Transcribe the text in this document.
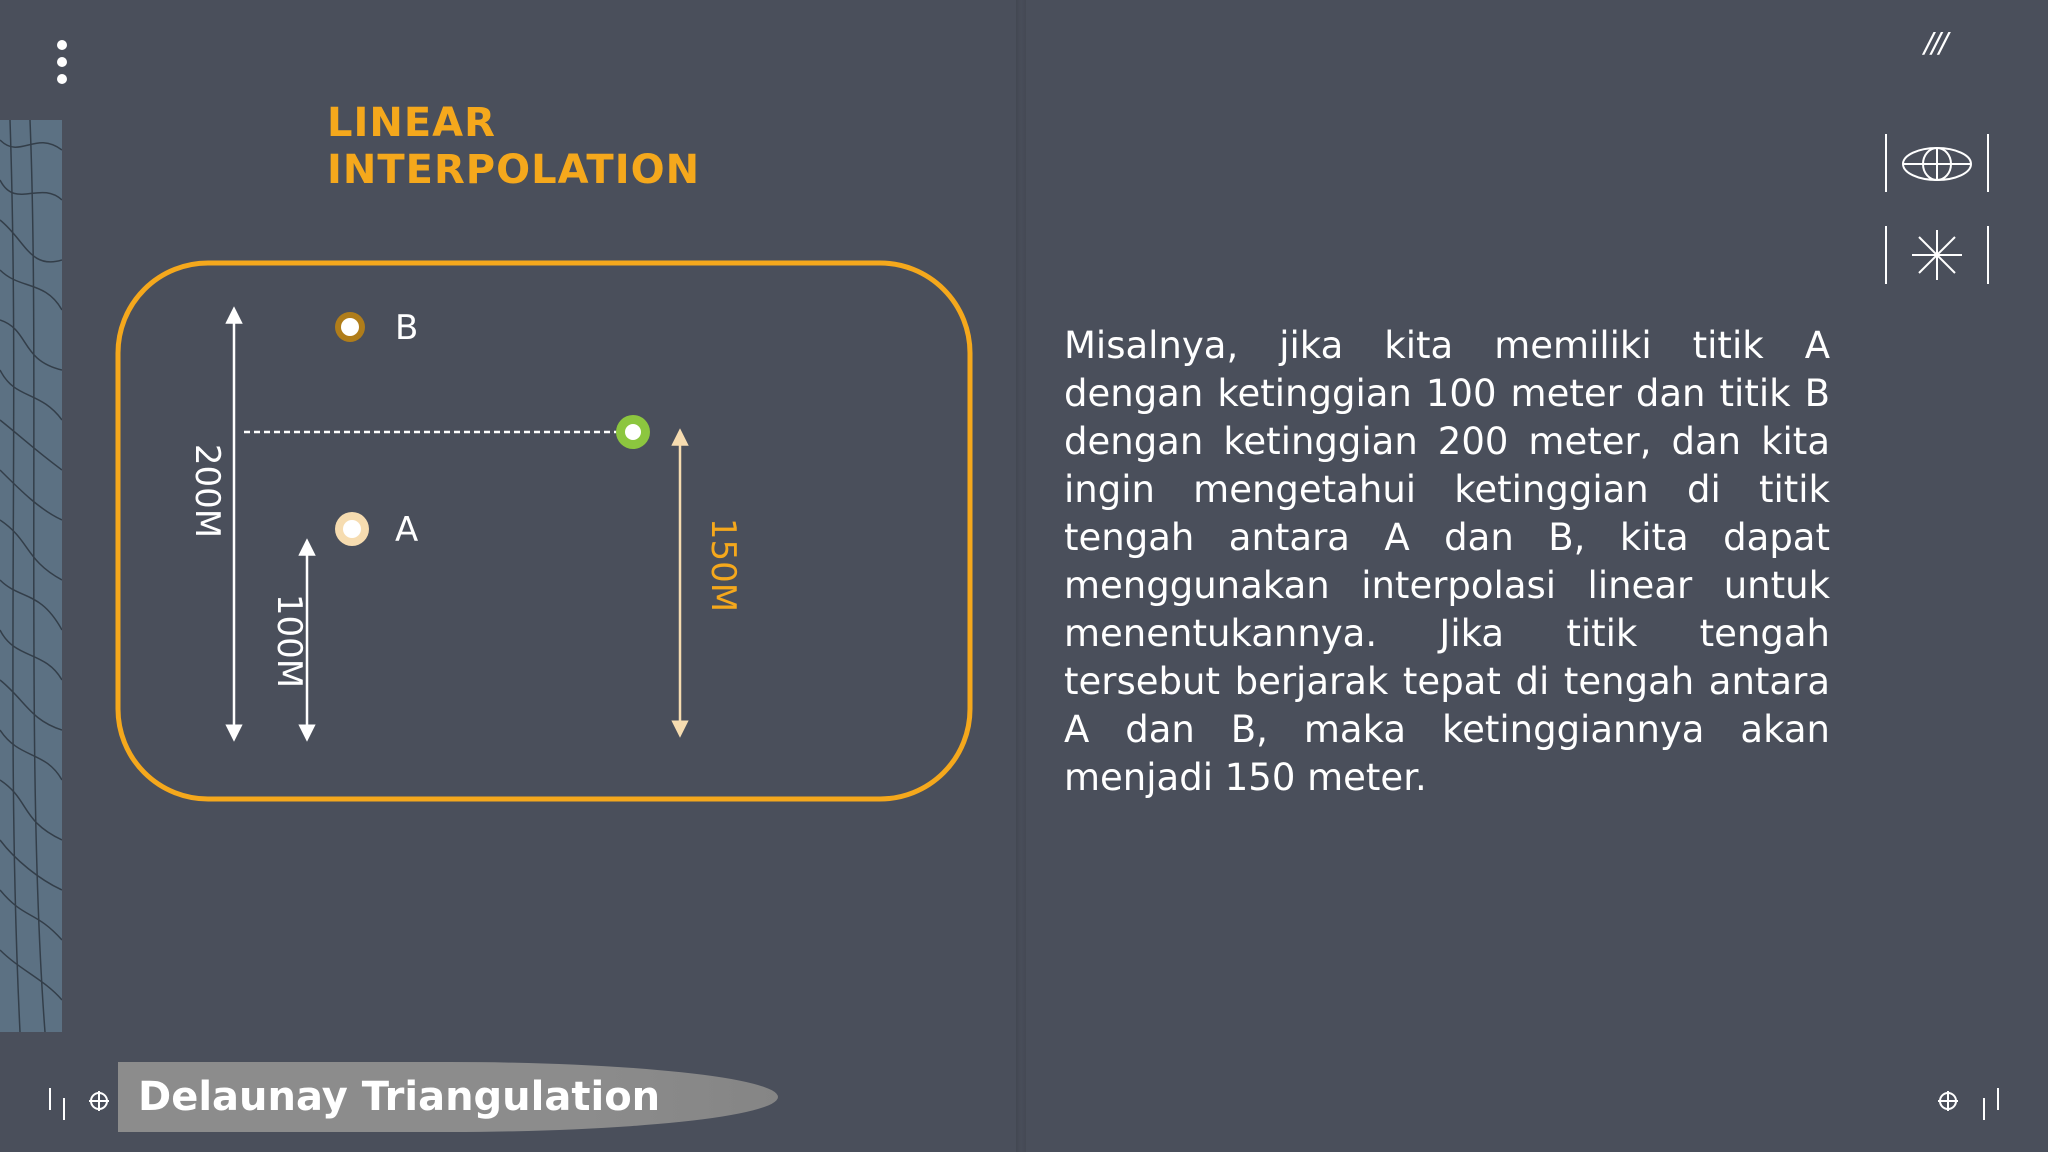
LINEAR
INTERPOLATION
200M
100M
150M
B
A

Misalnya, jika kita memiliki titik A dengan ketinggian 100 meter dan titik B dengan ketinggian 200 meter, dan kita ingin mengetahui ketinggian di titik tengah antara A dan B, kita dapat menggunakan interpolasi linear untuk menentukannya. Jika titik tengah tersebut berjarak tepat di tengah antara A dan B, maka ketinggiannya akan menjadi 150 meter.

///

Delaunay Triangulation
